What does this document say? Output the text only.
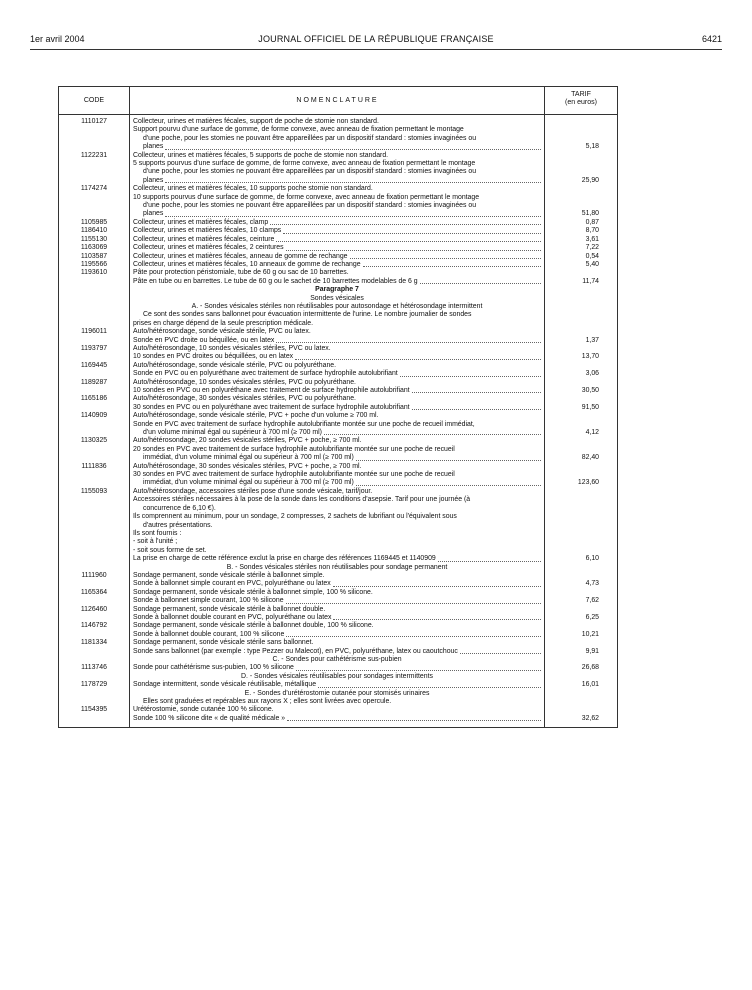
1er avril 2004	JOURNAL OFFICIEL DE LA RÉPUBLIQUE FRANÇAISE	6421
CODE	NOMENCLATURE
TARIF
(en euros)
1110127	Collecteur, urines et matières fécales, support de poche de stomie non standard.
Support pourvu d'une surface de gomme, de forme convexe, avec anneau de fixation permettant le montage
d'une poche, pour les stomies ne pouvant être appareillées par un dispositif standard : stomies invaginées ou
planes	5,18
1122231	Collecteur, urines et matières fécales, 5 supports de poche de stomie non standard.
5 supports pourvus d'une surface de gomme, de forme convexe, avec anneau de fixation permettant le montage
d'une poche, pour les stomies ne pouvant être appareillées par un dispositif standard : stomies invaginées ou
planes	25,90
1174274	Collecteur, urines et matières fécales, 10 supports poche stomie non standard.
10 supports pourvus d'une surface de gomme, de forme convexe, avec anneau de fixation permettant le montage
d'une poche, pour les stomies ne pouvant être appareillées par un dispositif standard : stomies invaginées ou
planes	51,80
1105985	Collecteur, urines et matières fécales, clamp	0,87
1186410	Collecteur, urines et matières fécales, 10 clamps	8,70
1155130	Collecteur, urines et matières fécales, ceinture	3,61
1163069	Collecteur, urines et matières fécales, 2 ceintures	7,22
1103587	Collecteur, urines et matières fécales, anneau de gomme de rechange	0,54
1195566	Collecteur, urines et matières fécales, 10 anneaux de gomme de rechange	5,40
1193610	Pâte pour protection péristomiale, tube de 60 g ou sac de 10 barrettes.
Pâte en tube ou en barrettes. Le tube de 60 g ou le sachet de 10 barrettes modelables de 6 g	11,74
Paragraphe 7
Sondes vésicales
A. - Sondes vésicales stériles non réutilisables pour autosondage et hétérosondage intermittent
Ce sont des sondes sans ballonnet pour évacuation intermittente de l'urine. Le nombre journalier de sondes
prises en charge dépend de la seule prescription médicale.
1196011	Auto/hétérosondage, sonde vésicale stérile, PVC ou latex.
Sonde en PVC droite ou béquillée, ou en latex	1,37
1193797	Auto/hétérosondage, 10 sondes vésicales stériles, PVC ou latex.
10 sondes en PVC droites ou béquillées, ou en latex	13,70
1169445	Auto/hétérosondage, sonde vésicale stérile, PVC ou polyuréthane.
Sonde en PVC ou en polyuréthane avec traitement de surface hydrophile autolubrifiant	3,06
1189287	Auto/hétérosondage, 10 sondes vésicales stériles, PVC ou polyuréthane.
10 sondes en PVC ou en polyuréthane avec traitement de surface hydrophile autolubrifiant	30,50
1165186	Auto/hétérosondage, 30 sondes vésicales stériles, PVC ou polyuréthane.
30 sondes en PVC ou en polyuréthane avec traitement de surface hydrophile autolubrifiant	91,50
1140909	Auto/hétérosondage, sonde vésicale stérile, PVC + poche d'un volume ≥ 700 ml.
Sonde en PVC avec traitement de surface hydrophile autolubrifiante montée sur une poche de recueil immédiat,
d'un volume minimal égal ou supérieur à 700 ml (≥ 700 ml)	4,12
1130325	Auto/hétérosondage, 20 sondes vésicales stériles, PVC + poche, ≥ 700 ml.
20 sondes en PVC avec traitement de surface hydrophile autolubrifiante montée sur une poche de recueil
immédiat, d'un volume minimal égal ou supérieur à 700 ml (≥ 700 ml)	82,40
1111836	Auto/hétérosondage, 30 sondes vésicales stériles, PVC + poche, ≥ 700 ml.
30 sondes en PVC avec traitement de surface hydrophile autolubrifiante montée sur une poche de recueil
immédiat, d'un volume minimal égal ou supérieur à 700 ml (≥ 700 ml)	123,60
1155093	Auto/hétérosondage, accessoires stériles pose d'une sonde vésicale, tarif/jour.
Accessoires stériles nécessaires à la pose de la sonde dans les conditions d'asepsie. Tarif pour une journée (à
concurrence de 6,10 €).
Ils comprennent au minimum, pour un sondage, 2 compresses, 2 sachets de lubrifiant ou l'équivalent sous
d'autres présentations.
Ils sont fournis :
- soit à l'unité ;
- soit sous forme de set.
La prise en charge de cette référence exclut la prise en charge des références 1169445 et 1140909	6,10
B. - Sondes vésicales stériles non réutilisables pour sondage permanent
1111960	Sondage permanent, sonde vésicale stérile à ballonnet simple.
Sonde à ballonnet simple courant en PVC, polyuréthane ou latex	4,73
1165364	Sondage permanent, sonde vésicale stérile à ballonnet simple, 100 % silicone.
Sonde à ballonnet simple courant, 100 % silicone	7,62
1126460	Sondage permanent, sonde vésicale stérile à ballonnet double.
Sonde à ballonnet double courant en PVC, polyuréthane ou latex	6,25
1146792	Sondage permanent, sonde vésicale stérile à ballonnet double, 100 % silicone.
Sonde à ballonnet double courant, 100 % silicone	10,21
1181334	Sondage permanent, sonde vésicale stérile sans ballonnet.
Sonde sans ballonnet (par exemple : type Pezzer ou Malecot), en PVC, polyuréthane, latex ou caoutchouc	9,91
C. - Sondes pour cathétérisme sus-pubien
1113746	Sonde pour cathétérisme sus-pubien, 100 % silicone	26,68
D. - Sondes vésicales réutilisables pour sondages intermittents
1178729	Sondage intermittent, sonde vésicale réutilisable, métallique	16,01
E. - Sondes d'urétérostomie cutanée pour stomisés urinaires
Elles sont graduées et repérables aux rayons X ; elles sont livrées avec opercule.
1154395	Urétérostomie, sonde cutanée 100 % silicone.
Sonde 100 % silicone dite « de qualité médicale »	32,62
